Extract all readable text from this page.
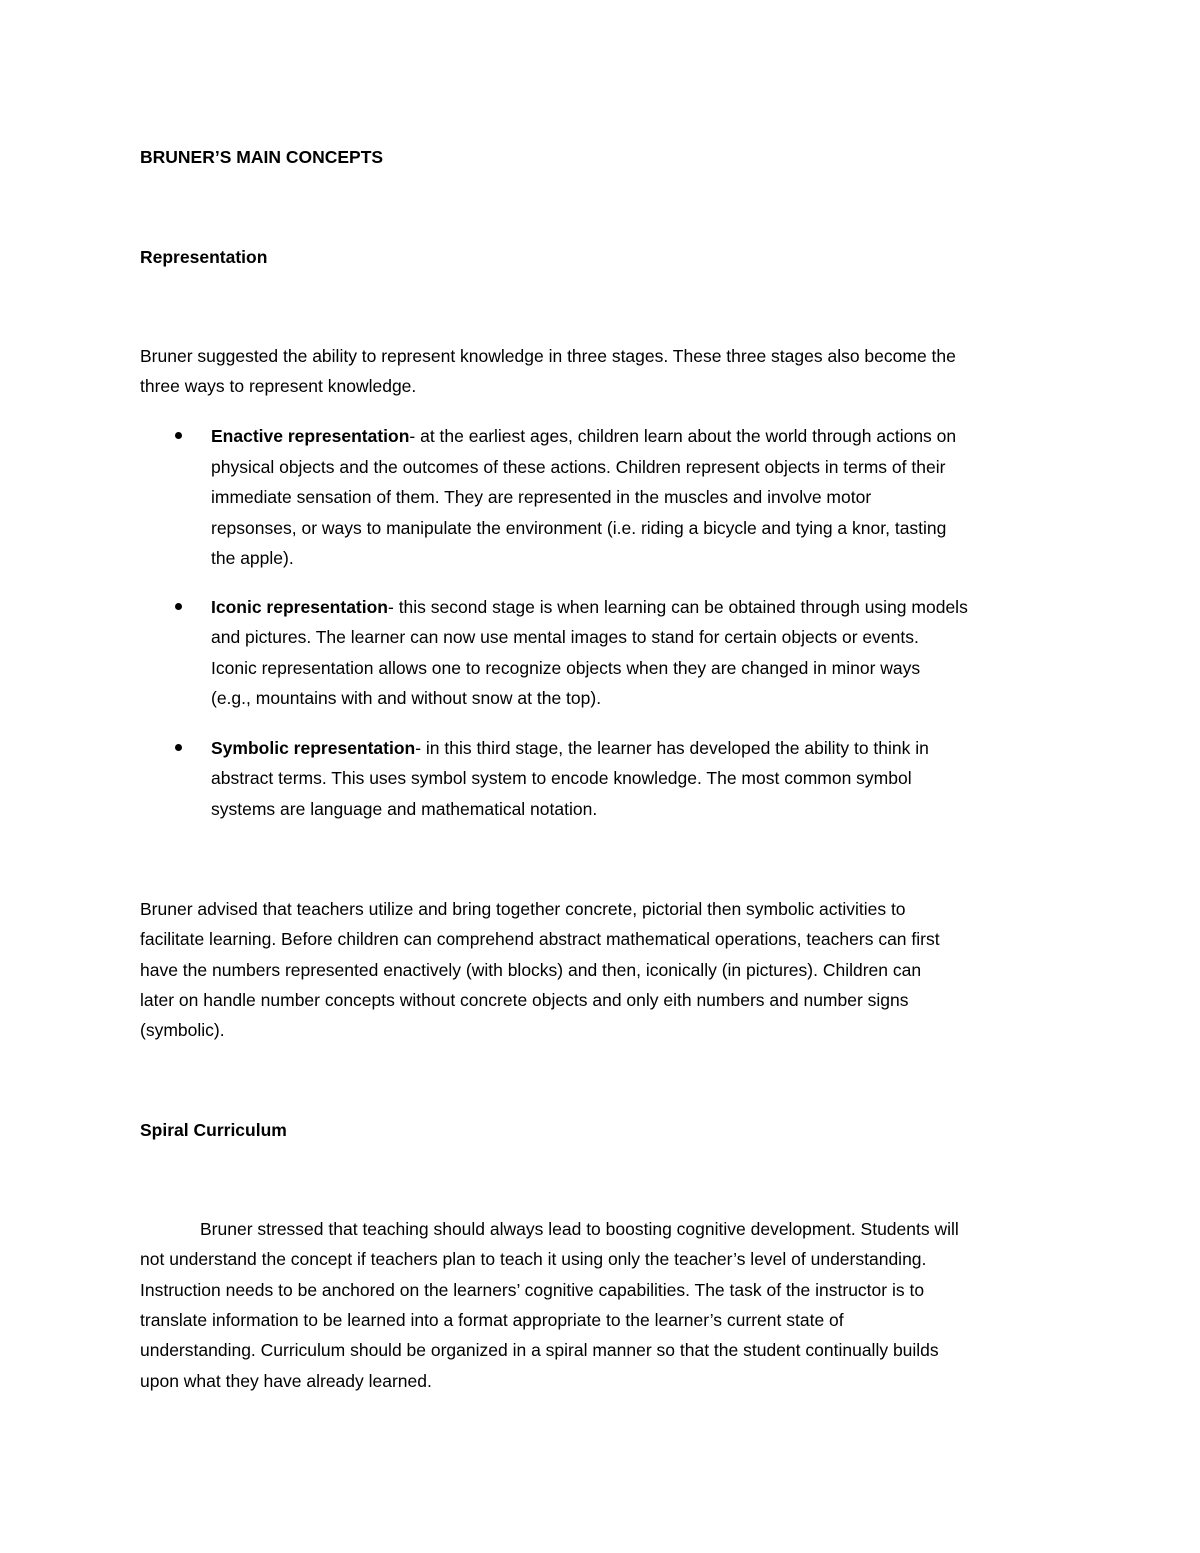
BRUNER’S MAIN CONCEPTS
Representation
Bruner suggested the ability to represent knowledge in three stages. These three stages also become the
three ways to represent knowledge.
Enactive representation- at the earliest ages, children learn about the world through actions on
physical objects and the outcomes of these actions. Children represent objects in terms of their
immediate sensation of them. They are represented in the muscles and involve motor
repsonses, or ways to manipulate the environment (i.e. riding a bicycle and tying a knor, tasting
the apple).
Iconic representation- this second stage is when learning can be obtained through using models
and pictures. The learner can now use mental images to stand for certain objects or events.
Iconic representation allows one to recognize objects when they are changed in minor ways
(e.g., mountains with and without snow at the top).
Symbolic representation- in this third stage, the learner has developed the ability to think in
abstract terms. This uses symbol system to encode knowledge. The most common symbol
systems are language and mathematical notation.
Bruner advised that teachers utilize and bring together concrete, pictorial then symbolic activities to
facilitate learning. Before children can comprehend abstract mathematical operations, teachers can first
have the numbers represented enactively (with blocks) and then, iconically (in pictures). Children can
later on handle number concepts without concrete objects and only eith numbers and number signs
(symbolic).
Spiral Curriculum
Bruner stressed that teaching should always lead to boosting cognitive development. Students will
not understand the concept if teachers plan to teach it using only the teacher’s level of understanding.
Instruction needs to be anchored on the learners’ cognitive capabilities. The task of the instructor is to
translate information to be learned into a format appropriate to the learner’s current state of
understanding. Curriculum should be organized in a spiral manner so that the student continually builds
upon what they have already learned.
